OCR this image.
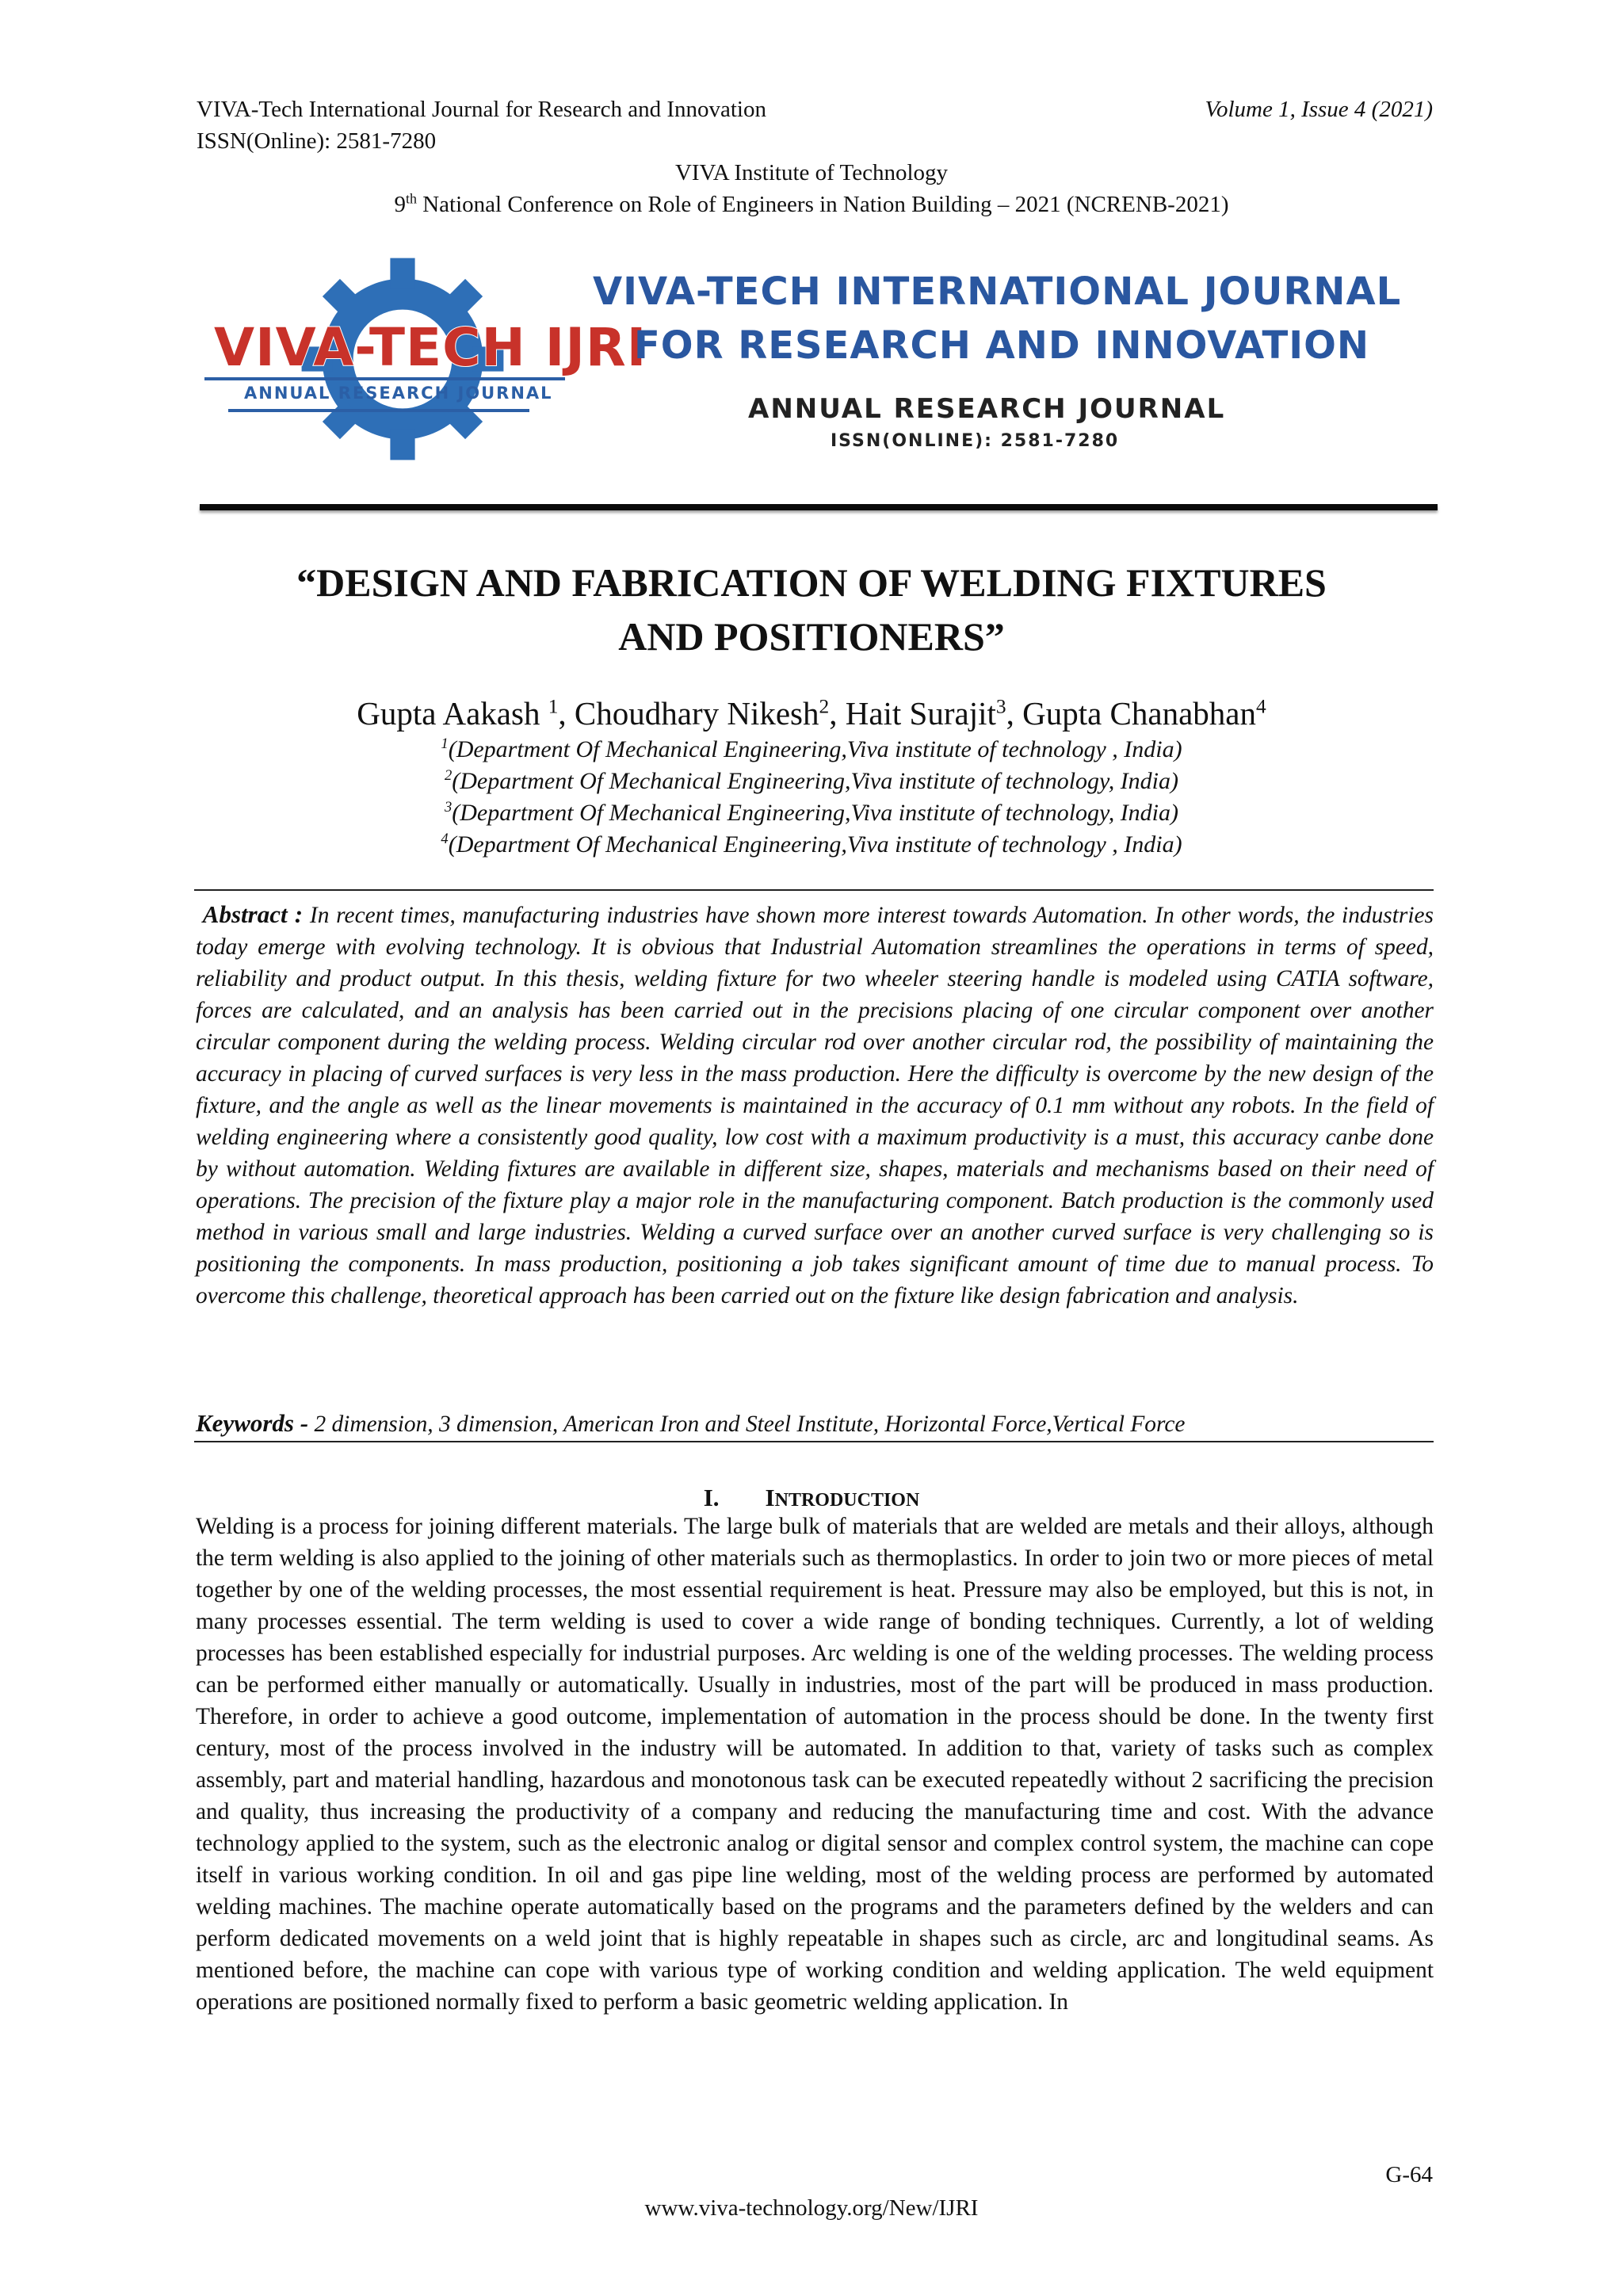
VIVA-Tech International Journal for Research and Innovation
ISSN(Online): 2581-7280
Volume 1, Issue 4 (2021)
VIVA Institute of Technology
9th National Conference on Role of Engineers in Nation Building – 2021 (NCRENB-2021)
VIVA-TECH IJRI
ANNUAL RESEARCH JOURNAL
VIVA-TECH INTERNATIONAL JOURNAL
FOR RESEARCH AND INNOVATION
ANNUAL RESEARCH JOURNAL
ISSN(ONLINE): 2581-7280
“DESIGN AND FABRICATION OF WELDING FIXTURES
AND POSITIONERS”
Gupta Aakash $^1$, Choudhary Nikesh$^2$, Hait Surajit$^3$, Gupta Chanabhan$^4$
$^1$(Department Of Mechanical Engineering,Viva institute of technology , India)
$^2$(Department Of Mechanical Engineering,Viva institute of technology, India)
$^3$(Department Of Mechanical Engineering,Viva institute of technology, India)
$^4$(Department Of Mechanical Engineering,Viva institute of technology , India)
Abstract : In recent times, manufacturing industries have shown more interest towards Automation. In other words, the industries today emerge with evolving technology. It is obvious that Industrial Automation streamlines the operations in terms of speed, reliability and product output. In this thesis, welding fixture for two wheeler steering handle is modeled using CATIA software, forces are calculated, and an analysis has been carried out in the precisions placing of one circular component over another circular component during the welding process. Welding circular rod over another circular rod, the possibility of maintaining the accuracy in placing of curved surfaces is very less in the mass production. Here the difficulty is overcome by the new design of the fixture, and the angle as well as the linear movements is maintained in the accuracy of 0.1 mm without any robots. In the field of welding engineering where a consistently good quality, low cost with a maximum productivity is a must, this accuracy canbe done by without automation. Welding fixtures are available in different size, shapes, materials and mechanisms based on their need of operations. The precision of the fixture play a major role in the manufacturing component. Batch production is the commonly used method in various small and large industries. Welding a curved surface over an another curved surface is very challenging so is positioning the components. In mass production, positioning a job takes significant amount of time due to manual process. To overcome this challenge, theoretical approach has been carried out on the fixture like design fabrication and analysis.
Keywords - 2 dimension, 3 dimension, American Iron and Steel Institute, Horizontal Force,Vertical Force
I. INTRODUCTION
Welding is a process for joining different materials. The large bulk of materials that are welded are metals and their alloys, although the term welding is also applied to the joining of other materials such as thermoplastics. In order to join two or more pieces of metal together by one of the welding processes, the most essential requirement is heat. Pressure may also be employed, but this is not, in many processes essential. The term welding is used to cover a wide range of bonding techniques. Currently, a lot of welding processes has been established especially for industrial purposes. Arc welding is one of the welding processes. The welding process can be performed either manually or automatically. Usually in industries, most of the part will be produced in mass production. Therefore, in order to achieve a good outcome, implementation of automation in the process should be done. In the twenty first century, most of the process involved in the industry will be automated. In addition to that, variety of tasks such as complex assembly, part and material handling, hazardous and monotonous task can be executed repeatedly without 2 sacrificing the precision and quality, thus increasing the productivity of a company and reducing the manufacturing time and cost. With the advance technology applied to the system, such as the electronic analog or digital sensor and complex control system, the machine can cope itself in various working condition. In oil and gas pipe line welding, most of the welding process are performed by automated welding machines. The machine operate automatically based on the programs and the parameters defined by the welders and can perform dedicated movements on a weld joint that is highly repeatable in shapes such as circle, arc and longitudinal seams. As mentioned before, the machine can cope with various type of working condition and welding application. The weld equipment operations are positioned normally fixed to perform a basic geometric welding application. In
G-64
www.viva-technology.org/New/IJRI
